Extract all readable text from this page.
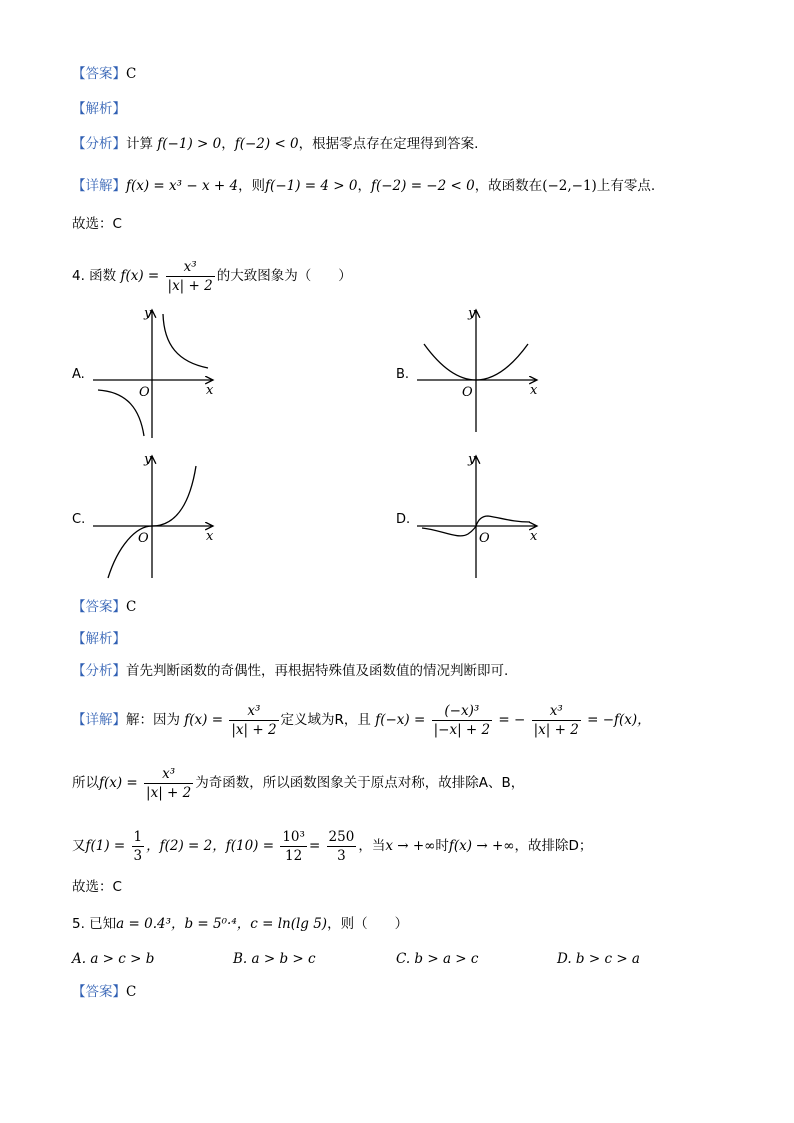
【答案】C
【解析】
【分析】计算 f(−1) > 0，f(−2) < 0，根据零点存在定理得到答案.
【详解】f(x) = x³ − x + 4，则f(−1) = 4 > 0，f(−2) = −2 < 0，故函数在(−2,−1)上有零点.
故选：C
4. 函数 $f(x) = \frac{\text{x³}}{|x| + 2}$ 的大致图象为（　　）
A.	B.
C.	D.
y
x
O
y
x
O
y
x
O
y
x
O
【答案】C
【解析】
【分析】首先判断函数的奇偶性，再根据特殊值及函数值的情况判断即可.
【详解】解：因为 $f(x) = \frac{\text{x³}}{|x| + 2}$ 定义域为R，且 $f(-x) = \frac{\text{(−x)³}}{|-x| + 2}$ = − $\frac{\text{x³}}{|x| + 2} = -f(x)$，
所以$f(x) = \frac{\text{x³}}{|x| + 2}$ 为奇函数，所以函数图象关于原点对称，故排除A、B，
又$f(1) = \frac{1}{3}$ ，f(2) = 2，$f(10) = \frac{\text{10³}}{12} = \frac{250}{3}$ ，当x → +∞时f(x) → +∞，故排除D；
故选：C
5. 已知a = 0.4³，b = 5⁰·⁴，c = ln(lg 5)，则（　　）
A. a > c > b	B. a > b > c	C. b > a > c	D. b > c > a
【答案】C
